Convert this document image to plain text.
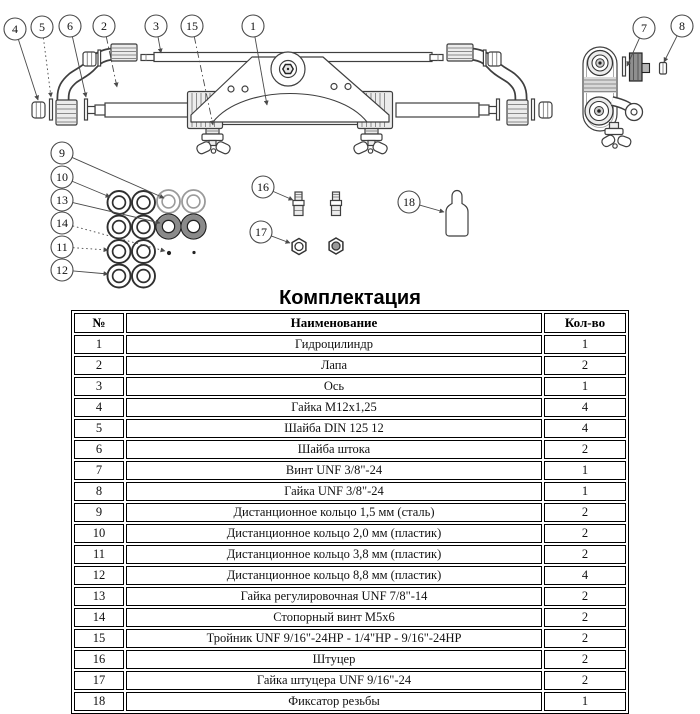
4 5 6 2	3 15	1	7	8
9
10
13
14
11
12
16
17
18
Комплектация
№	Наименование	Кол-во
1	Гидроцилиндр	1
2	Лапа	2
3	Ось	1
4	Гайка М12х1,25	4
5	Шайба DIN 125 12	4
6	Шайба штока	2
7	Винт UNF 3/8"-24	1
8	Гайка UNF 3/8"-24	1
9	Дистанционное кольцо 1,5 мм (сталь)	2
10	Дистанционное кольцо 2,0 мм (пластик)	2
11	Дистанционное кольцо 3,8 мм (пластик)	2
12	Дистанционное кольцо 8,8 мм (пластик)	4
13	Гайка регулировочная UNF 7/8"-14	2
14	Стопорный винт М5х6	2
15	Тройник UNF 9/16"-24НР - 1/4"НР - 9/16"-24НР	2
16	Штуцер	2
17	Гайка штуцера UNF 9/16"-24	2
18	Фиксатор резьбы	1
